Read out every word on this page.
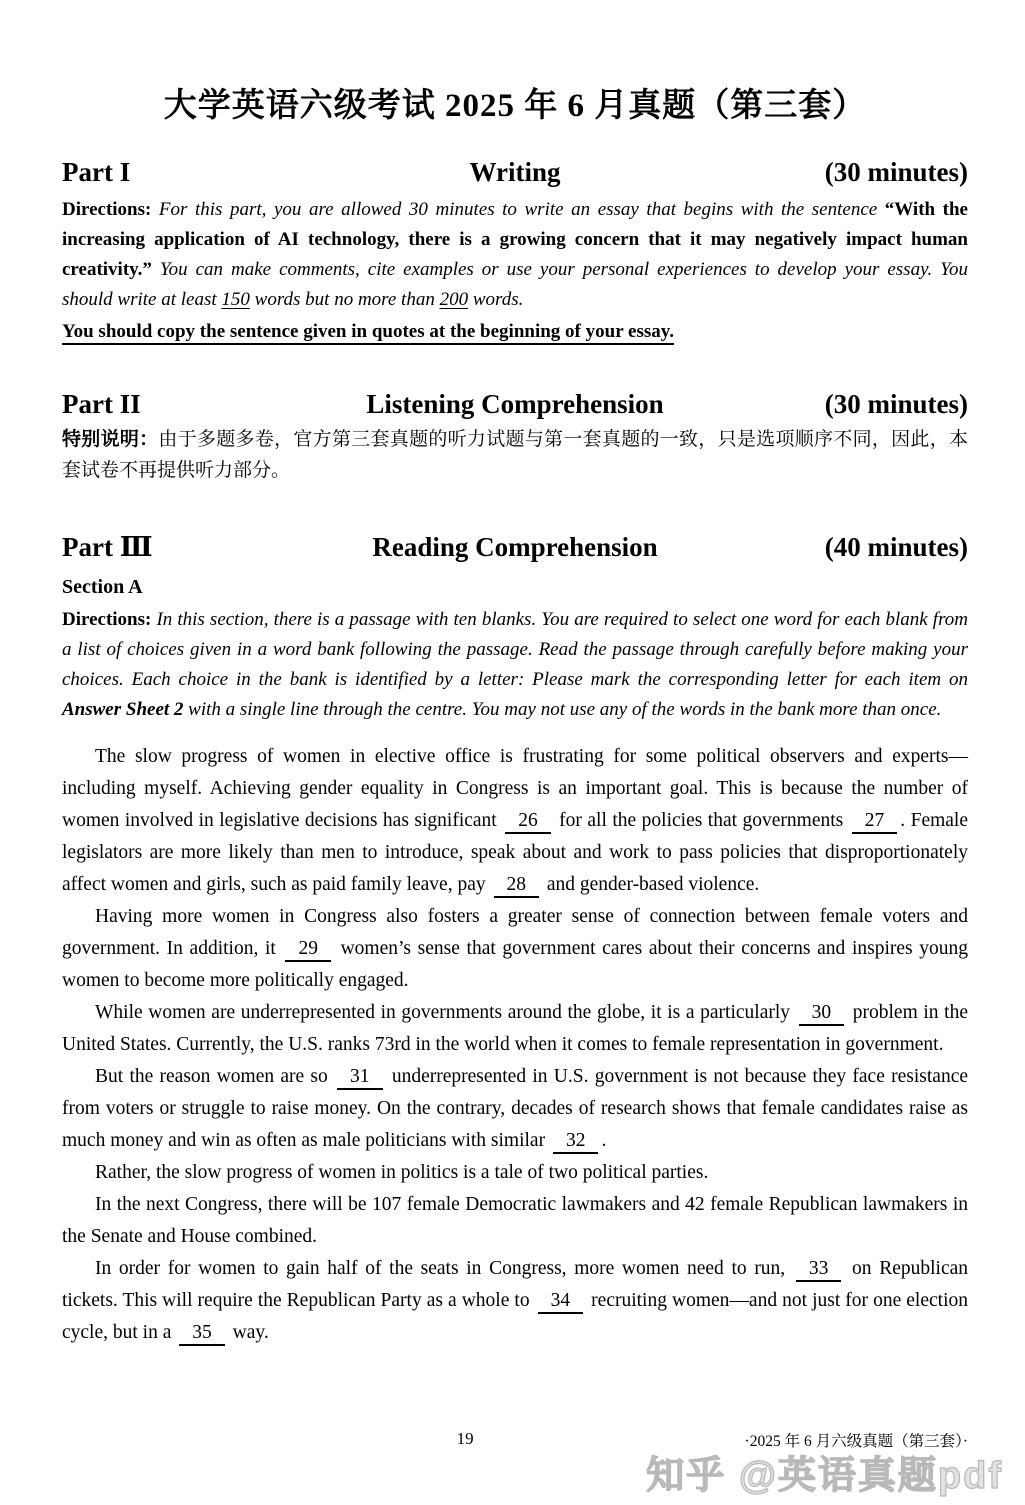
大学英语六级考试 2025 年 6 月真题（第三套）
Part I	Writing	(30 minutes)

Directions: For this part, you are allowed 30 minutes to write an essay that begins with the sentence “With the increasing application of AI technology, there is a growing concern that it may negatively impact human creativity.” You can make comments, cite examples or use your personal experiences to develop your essay. You should write at least 150 words but no more than 200 words.

You should copy the sentence given in quotes at the beginning of your essay.

Part II	Listening Comprehension	(30 minutes)

特别说明：由于多题多卷，官方第三套真题的听力试题与第一套真题的一致，只是选项顺序不同，因此，本套试卷不再提供听力部分。

Part Ⅲ	Reading Comprehension	(40 minutes)
Section A

Directions: In this section, there is a passage with ten blanks. You are required to select one word for each blank from a list of choices given in a word bank following the passage. Read the passage through carefully before making your choices. Each choice in the bank is identified by a letter: Please mark the corresponding letter for each item on Answer Sheet 2 with a single line through the centre. You may not use any of the words in the bank more than once.

The slow progress of women in elective office is frustrating for some political observers and experts—including myself. Achieving gender equality in Congress is an important goal. This is because the number of women involved in legislative decisions has significant 26 for all the policies that governments 27 . Female legislators are more likely than men to introduce, speak about and work to pass policies that disproportionately affect women and girls, such as paid family leave, pay 28 and gender-based violence.

Having more women in Congress also fosters a greater sense of connection between female voters and government. In addition, it 29 women’s sense that government cares about their concerns and inspires young women to become more politically engaged.

While women are underrepresented in governments around the globe, it is a particularly 30 problem in the United States. Currently, the U.S. ranks 73rd in the world when it comes to female representation in government.

But the reason women are so 31 underrepresented in U.S. government is not because they face resistance from voters or struggle to raise money. On the contrary, decades of research shows that female candidates raise as much money and win as often as male politicians with similar 32 .

Rather, the slow progress of women in politics is a tale of two political parties.

In the next Congress, there will be 107 female Democratic lawmakers and 42 female Republican lawmakers in the Senate and House combined.

In order for women to gain half of the seats in Congress, more women need to run, 33 on Republican tickets. This will require the Republican Party as a whole to 34 recruiting women—and not just for one election cycle, but in a 35 way.

19	·2025 年 6 月六级真题（第三套）·
知乎 @英语真题pdf
